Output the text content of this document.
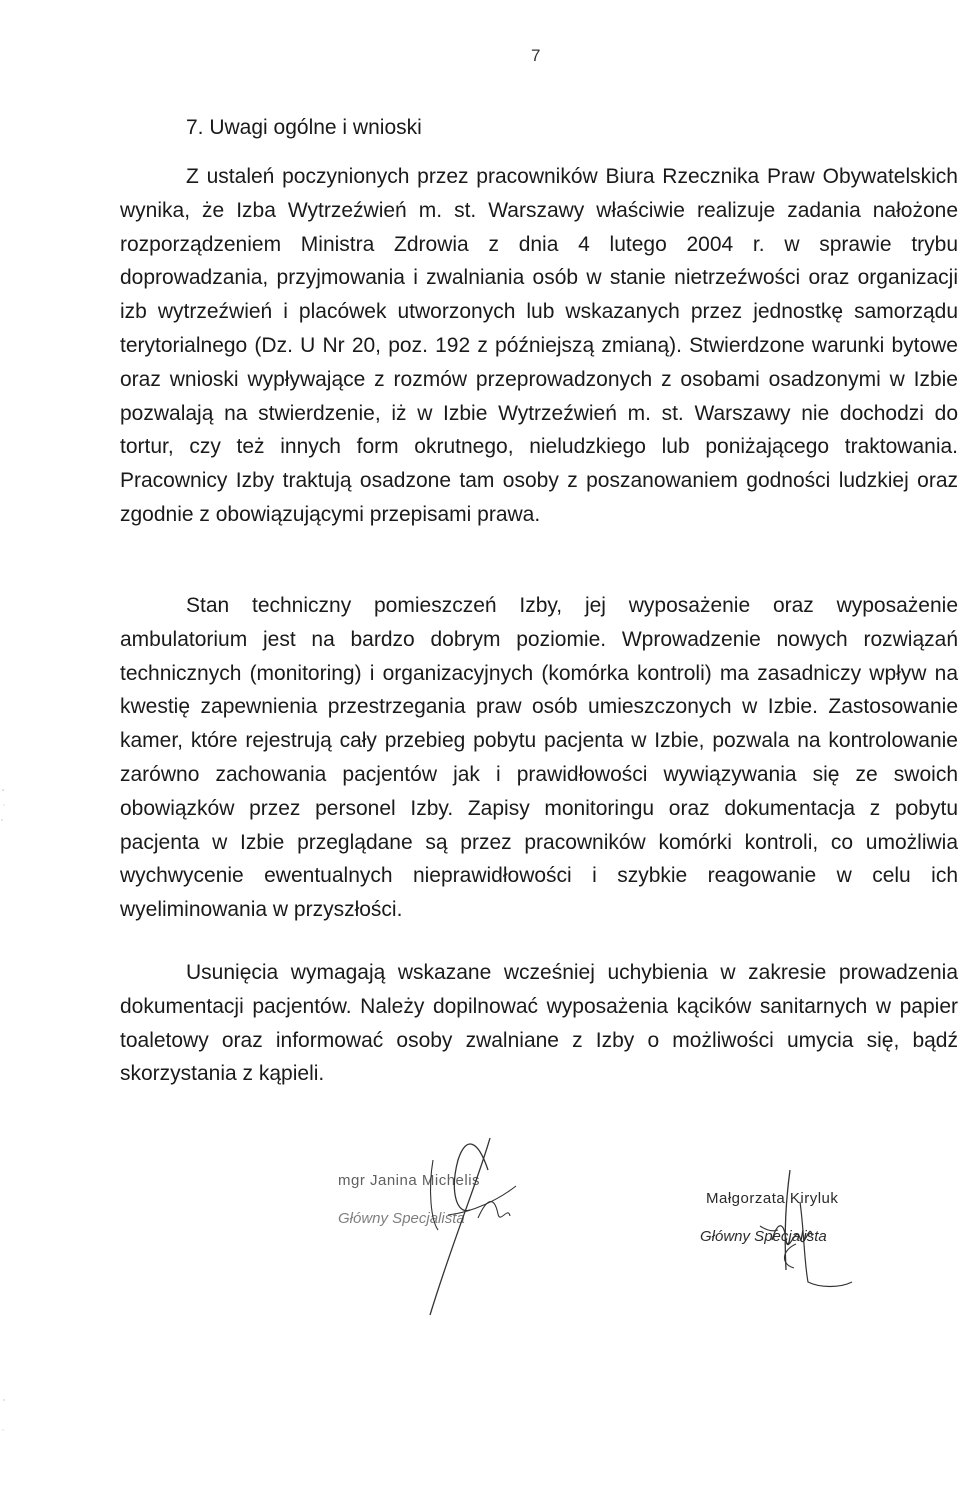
7
7. Uwagi ogólne i wnioski

Z ustaleń poczynionych przez pracowników Biura Rzecznika Praw Obywatelskich wynika, że Izba Wytrzeźwień m. st. Warszawy właściwie realizuje zadania nałożone rozporządzeniem Ministra Zdrowia z dnia 4 lutego 2004 r. w sprawie trybu doprowadzania, przyjmowania i zwalniania osób w stanie nietrzeźwości oraz organizacji izb wytrzeźwień i placówek utworzonych lub wskazanych przez jednostkę samorządu terytorialnego (Dz. U Nr 20, poz. 192 z późniejszą zmianą). Stwierdzone warunki bytowe oraz wnioski wypływające z rozmów przeprowadzonych z osobami osadzonymi w Izbie pozwalają na stwierdzenie, iż w Izbie Wytrzeźwień m. st. Warszawy nie dochodzi do tortur, czy też innych form okrutnego, nieludzkiego lub poniżającego traktowania. Pracownicy Izby traktują osadzone tam osoby z poszanowaniem godności ludzkiej oraz zgodnie z obowiązującymi przepisami prawa.

Stan techniczny pomieszczeń Izby, jej wyposażenie oraz wyposażenie ambulatorium jest na bardzo dobrym poziomie. Wprowadzenie nowych rozwiązań technicznych (monitoring) i organizacyjnych (komórka kontroli) ma zasadniczy wpływ na kwestię zapewnienia przestrzegania praw osób umieszczonych w Izbie. Zastosowanie kamer, które rejestrują cały przebieg pobytu pacjenta w Izbie, pozwala na kontrolowanie zarówno zachowania pacjentów jak i prawidłowości wywiązywania się ze swoich obowiązków przez personel Izby. Zapisy monitoringu oraz dokumentacja z pobytu pacjenta w Izbie przeglądane są przez pracowników komórki kontroli, co umożliwia wychwycenie ewentualnych nieprawidłowości i szybkie reagowanie w celu ich wyeliminowania w przyszłości.

Usunięcia wymagają wskazane wcześniej uchybienia w zakresie prowadzenia dokumentacji pacjentów. Należy dopilnować wyposażenia kącików sanitarnych w papier toaletowy oraz informować osoby zwalniane z Izby o możliwości umycia się, bądź skorzystania z kąpieli.

mgr Janina Michelis
Główny Specjalista
Małgorzata Kiryluk
Główny Specjalista
